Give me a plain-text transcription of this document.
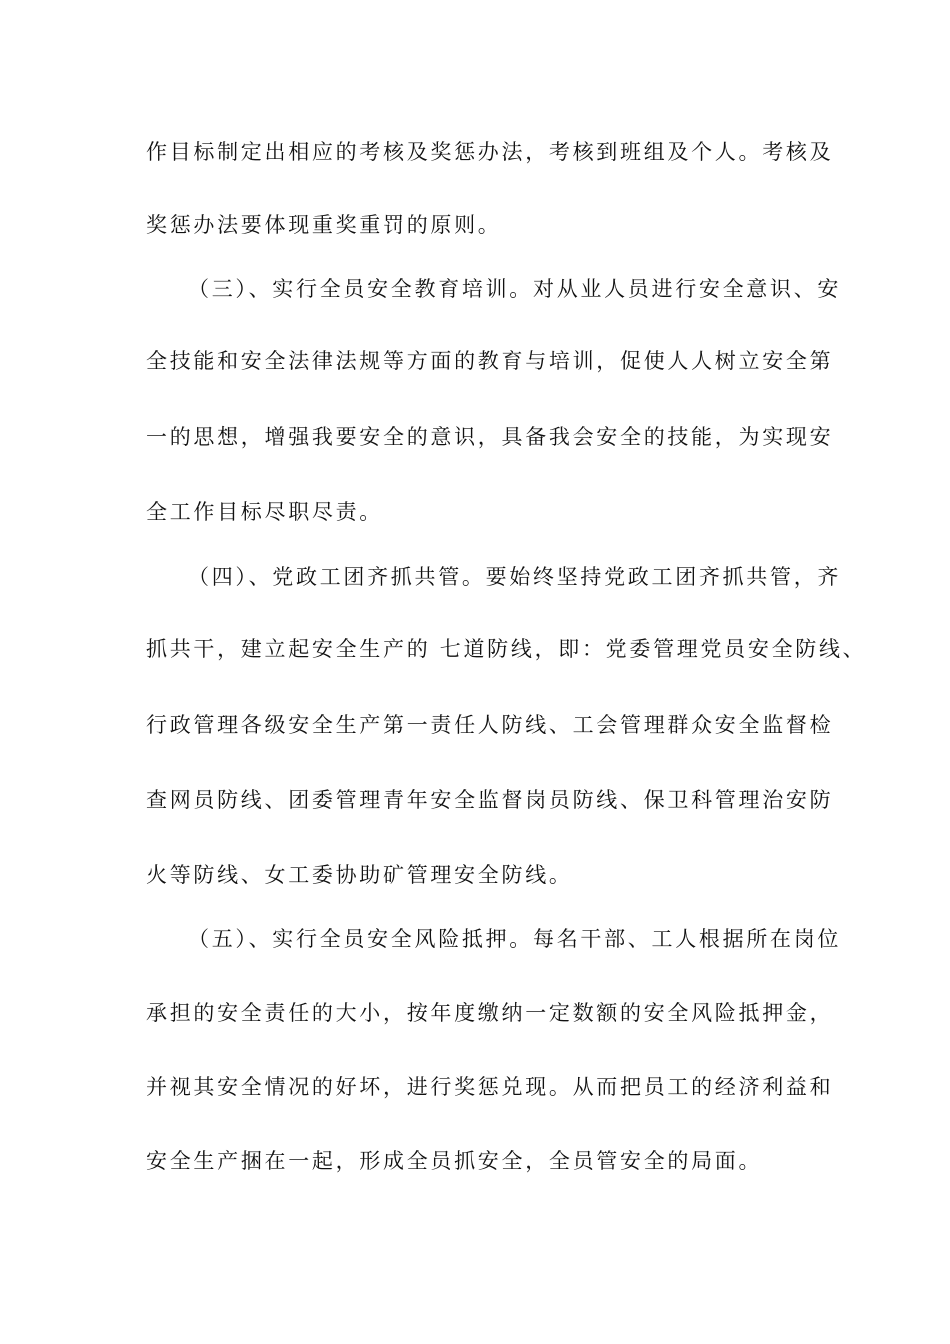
作目标制定出相应的考核及奖惩办法，考核到班组及个人。考核及
奖惩办法要体现重奖重罚的原则。
（三）、实行全员安全教育培训。对从业人员进行安全意识、安
全技能和安全法律法规等方面的教育与培训，促使人人树立安全第
一的思想，增强我要安全的意识，具备我会安全的技能，为实现安
全工作目标尽职尽责。
（四）、党政工团齐抓共管。要始终坚持党政工团齐抓共管，齐
抓共干，建立起安全生产的 七道防线，即：党委管理党员安全防线、
行政管理各级安全生产第一责任人防线、工会管理群众安全监督检
查网员防线、团委管理青年安全监督岗员防线、保卫科管理治安防
火等防线、女工委协助矿管理安全防线。
（五）、实行全员安全风险抵押。每名干部、工人根据所在岗位
承担的安全责任的大小，按年度缴纳一定数额的安全风险抵押金，
并视其安全情况的好坏，进行奖惩兑现。从而把员工的经济利益和
安全生产捆在一起，形成全员抓安全，全员管安全的局面。
